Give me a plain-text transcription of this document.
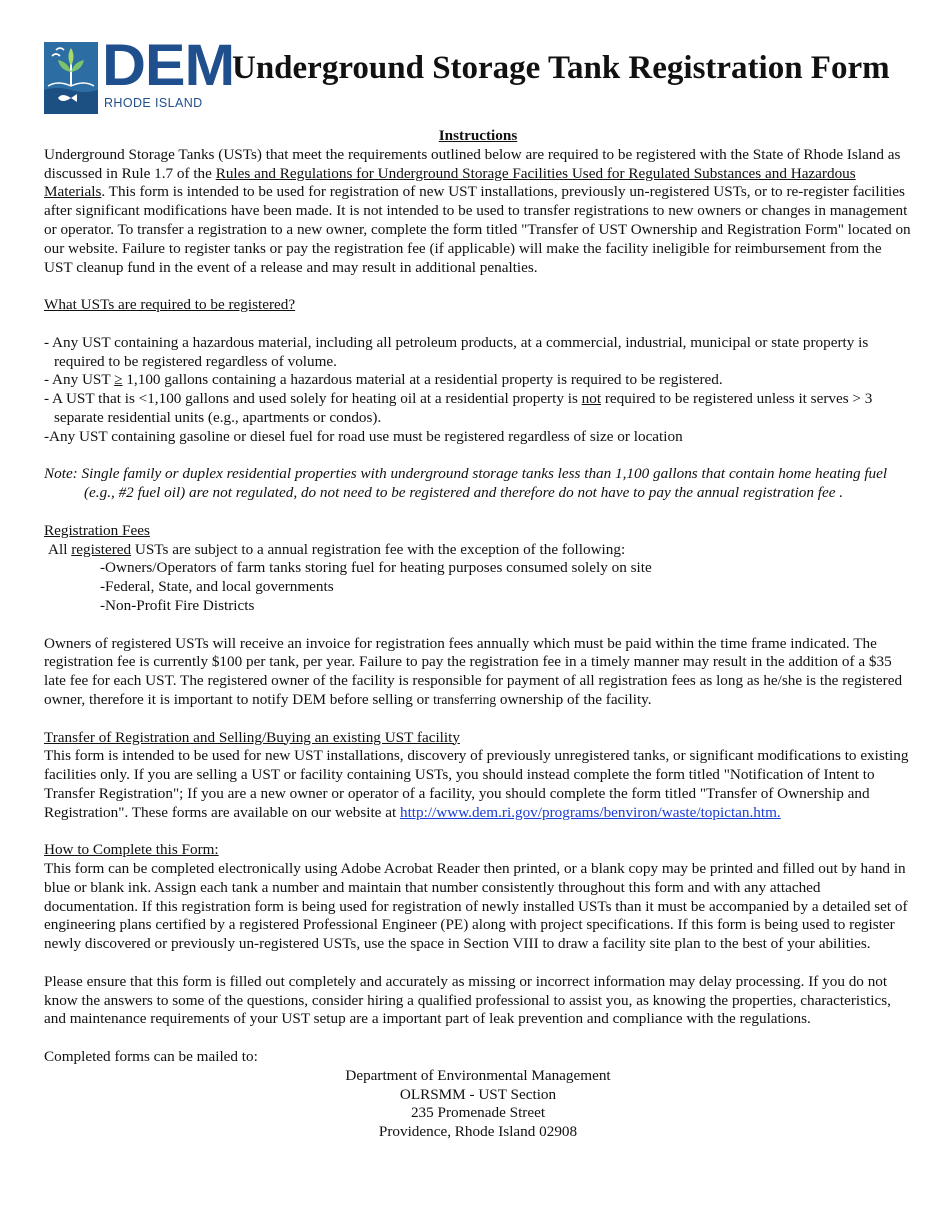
DEM
RHODE ISLAND
Underground Storage Tank Registration Form

Instructions

Underground Storage Tanks (USTs) that meet the requirements outlined below are required to be registered with the State of Rhode Island as discussed in Rule 1.7 of the Rules and Regulations for Underground Storage Facilities Used for Regulated Substances and Hazardous Materials. This form is intended to be used for registration of new UST installations, previously un-registered USTs, or to re-register facilities after significant modifications have been made. It is not intended to be used to transfer registrations to new owners or changes in management or operator. To transfer a registration to a new owner, complete the form titled "Transfer of UST Ownership and Registration Form" located on our website. Failure to register tanks or pay the registration fee (if applicable) will make the facility ineligible for reimbursement from the UST cleanup fund in the event of a release and may result in additional penalties.

What USTs are required to be registered?

- Any UST containing a hazardous material, including all petroleum products, at a commercial, industrial, municipal or state property is required to be registered regardless of volume.

- Any UST ≥ 1,100 gallons containing a hazardous material at a residential property is required to be registered.

- A UST that is <1,100 gallons and used solely for heating oil at a residential property is not required to be registered unless it serves > 3 separate residential units (e.g., apartments or condos).

-Any UST containing gasoline or diesel fuel for road use must be registered regardless of size or location

Note: Single family or duplex residential properties with underground storage tanks less than 1,100 gallons that contain home heating fuel (e.g., #2 fuel oil) are not regulated, do not need to be registered and therefore do not have to pay the annual registration fee .

Registration Fees

All registered USTs are subject to a annual registration fee with the exception of the following:

-Owners/Operators of farm tanks storing fuel for heating purposes consumed solely on site

-Federal, State, and local governments

-Non-Profit Fire Districts

Owners of registered USTs will receive an invoice for registration fees annually which must be paid within the time frame indicated. The registration fee is currently $100 per tank, per year. Failure to pay the registration fee in a timely manner may result in the addition of a $35 late fee for each UST. The registered owner of the facility is responsible for payment of all registration fees as long as he/she is the registered owner, therefore it is important to notify DEM before selling or transferring ownership of the facility.

Transfer of Registration and Selling/Buying an existing UST facility

This form is intended to be used for new UST installations, discovery of previously unregistered tanks, or significant modifications to existing facilities only. If you are selling a UST or facility containing USTs, you should instead complete the form titled "Notification of Intent to Transfer Registration"; If you are a new owner or operator of a facility, you should complete the form titled "Transfer of Ownership and Registration". These forms are available on our website at http://www.dem.ri.gov/programs/benviron/waste/topictan.htm.

How to Complete this Form:

This form can be completed electronically using Adobe Acrobat Reader then printed, or a blank copy may be printed and filled out by hand in blue or blank ink. Assign each tank a number and maintain that number consistently throughout this form and with any attached documentation. If this registration form is being used for registration of newly installed USTs than it must be accompanied by a detailed set of engineering plans certified by a registered Professional Engineer (PE) along with project specifications. If this form is being used to register newly discovered or previously un-registered USTs, use the space in Section VIII to draw a facility site plan to the best of your abilities.

Please ensure that this form is filled out completely and accurately as missing or incorrect information may delay processing. If you do not know the answers to some of the questions, consider hiring a qualified professional to assist you, as knowing the properties, characteristics, and maintenance requirements of your UST setup are a important part of leak prevention and compliance with the regulations.

Completed forms can be mailed to:

Department of Environmental Management

OLRSMM - UST Section

235 Promenade Street

Providence, Rhode Island 02908
